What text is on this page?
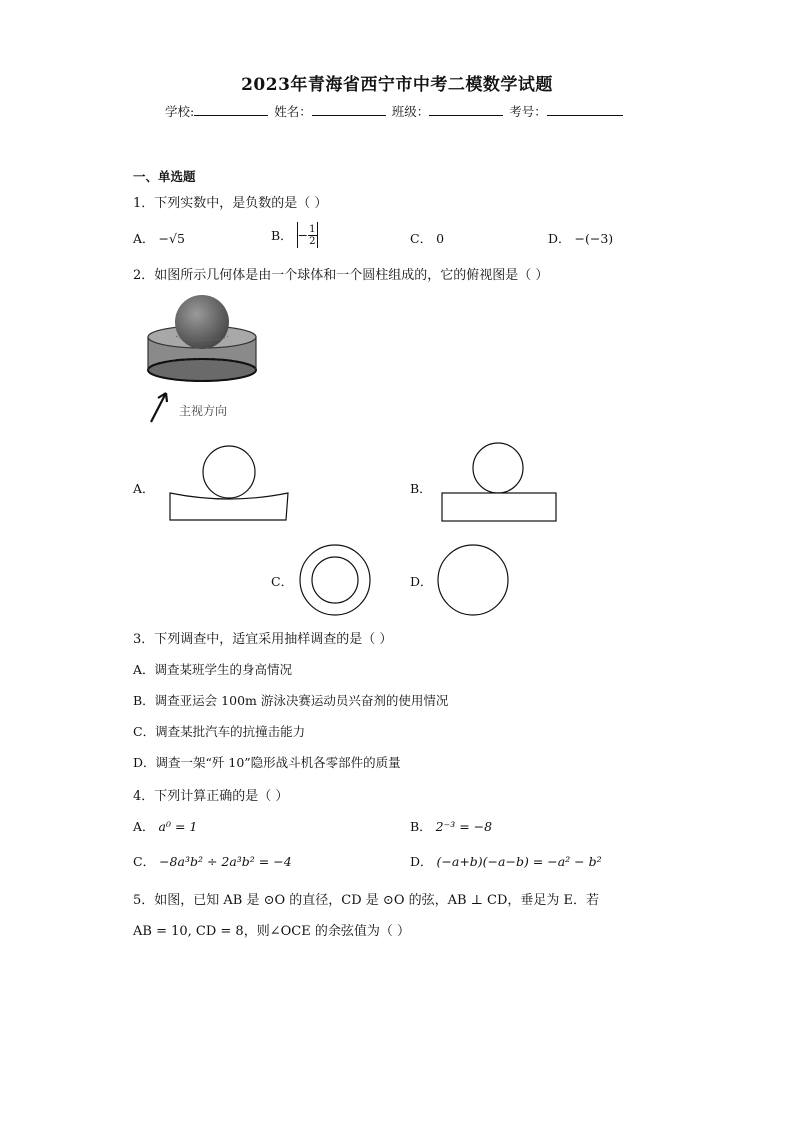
2023年青海省西宁市中考二模数学试题
学校:	姓名：	班级：	考号：
一、单选题
1．下列实数中，是负数的是（ ）
A． −√5	B． − $\frac{1}{2}$	C． 0	D． −(−3)
2．如图所示几何体是由一个球体和一个圆柱组成的，它的俯视图是（ ）
主视方向
A．	B．
C．	D．
3．下列调查中，适宜采用抽样调查的是（ ）
A．调查某班学生的身高情况
B．调查亚运会 100m 游泳决赛运动员兴奋剂的使用情况
C．调查某批汽车的抗撞击能力
D．调查一架“歼 10”隐形战斗机各零部件的质量
4．下列计算正确的是（ ）
A． a⁰ = 1	B． 2⁻³ = −8
C． −8a³b² ÷ 2a³b² = −4	D． (−a+b)(−a−b) = −a² − b²
5．如图，已知 AB 是 ⊙O 的直径，CD 是 ⊙O 的弦，AB ⊥ CD，垂足为 E．若
AB = 10, CD = 8，则∠OCE 的余弦值为（ ）
